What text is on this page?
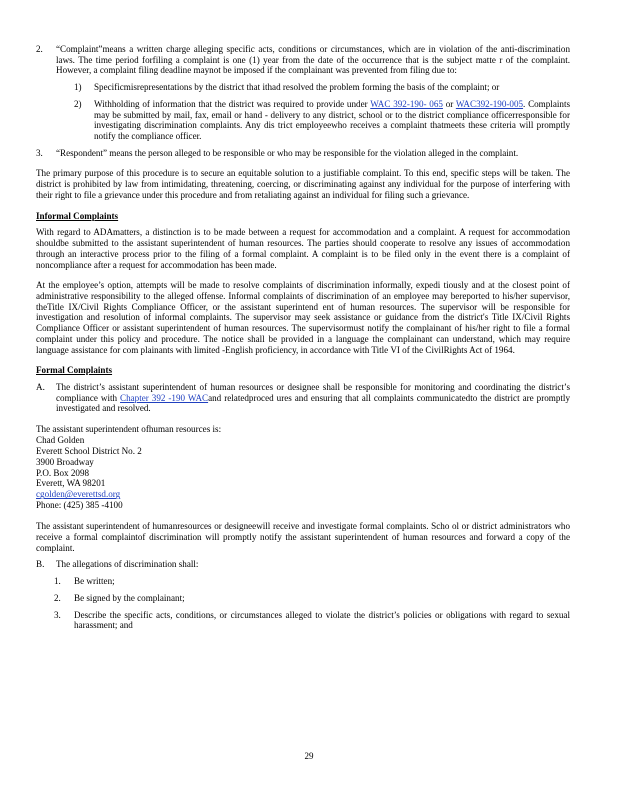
2.	“Complaint”means a written charge alleging specific acts, conditions or circumstances, which are in violation of the anti-discrimination laws. The time period forfiling a complaint is one (1) year from the date of the occurrence that is the subject matte r of the complaint. However, a complaint filing deadline maynot be imposed if the complainant was prevented from filing due to:

1)	Specificmisrepresentations by the district that ithad resolved the problem forming the basis of the complaint; or

2)	Withholding of information that the district was required to provide under WAC 392-190- 065 or WAC392-190-005. Complaints may be submitted by mail, fax, email or hand - delivery to any district, school or to the district compliance officerresponsible for investigating discrimination complaints. Any dis trict employeewho receives a complaint thatmeets these criteria will promptly notify the compliance officer.

3.	“Respondent” means the person alleged to be responsible or who may be responsible for the violation alleged in the complaint.

The primary purpose of this procedure is to secure an equitable solution to a justifiable complaint. To this end, specific steps will be taken. The district is prohibited by law from intimidating, threatening, coercing, or discriminating against any individual for the purpose of interfering with their right to file a grievance under this procedure and from retaliating against an individual for filing such a grievance.

Informal Complaints

With regard to ADAmatters, a distinction is to be made between a request for accommodation and a complaint. A request for accommodation shouldbe submitted to the assistant superintendent of human resources. The parties should cooperate to resolve any issues of accommodation through an interactive process prior to the filing of a formal complaint. A complaint is to be filed only in the event there is a complaint of noncompliance after a request for accommodation has been made.

At the employee’s option, attempts will be made to resolve complaints of discrimination informally, expedi tiously and at the closest point of administrative responsibility to the alleged offense. Informal complaints of discrimination of an employee may bereported to his/her supervisor, theTitle IX/Civil Rights Compliance Officer, or the assistant superintend ent of human resources. The supervisor will be responsible for investigation and resolution of informal complaints. The supervisor may seek assistance or guidance from the district's Title IX/Civil Rights Compliance Officer or assistant superintendent of human resources. The supervisormust notify the complainant of his/her right to file a formal complaint under this policy and procedure. The notice shall be provided in a language the complainant can understand, which may require language assistance for com plainants with limited -English proficiency, in accordance with Title VI of the CivilRights Act of 1964.

Formal Complaints
A.	The district’s assistant superintendent of human resources or designee shall be responsible for monitoring and coordinating the district’s compliance with Chapter 392 -190 WACand relatedproced ures and ensuring that all complaints communicatedto the district are promptly investigated and resolved.

The assistant superintendent ofhuman resources is:

Chad Golden
Everett School District No. 2
3900 Broadway
P.O. Box 2098
Everett, WA 98201
cgolden@everettsd.org
Phone: (425) 385 -4100

The assistant superintendent of humanresources or designeewill receive and investigate formal complaints. Scho ol or district administrators who receive a formal complaintof discrimination will promptly notify the assistant superintendent of human resources and forward a copy of the complaint.

B.	The allegations of discrimination shall:

1.	Be written;

2.	Be signed by the complainant;

3.	Describe the specific acts, conditions, or circumstances alleged to violate the district’s policies or obligations with regard to sexual harassment; and

29
